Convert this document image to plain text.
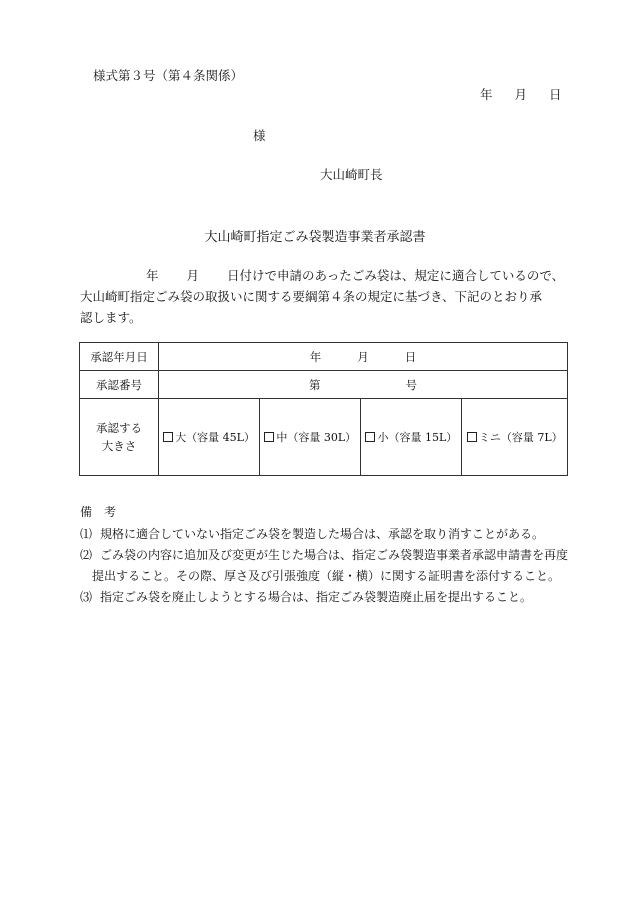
様式第３号（第４条関係）
年 月 日
様
大山崎町長
大山崎町指定ごみ袋製造事業者承認書
年 月 日付けで申請のあったごみ袋は、規定に適合しているので、
大山崎町指定ごみ袋の取扱いに関する要綱第４条の規定に基づき、下記のとおり承
認します。
承認年月日	年 月 日			
承認番号	第 号			

承認する
大きさ	大（容量 45L）	中（容量 30L）	小（容量 15L）	ミニ（容量 7L）
備　考
⑴ 規格に適合していない指定ごみ袋を製造した場合は、承認を取り消すことがある。
⑵ ごみ袋の内容に追加及び変更が生じた場合は、指定ごみ袋製造事業者承認申請書を再度
提出すること。その際、厚さ及び引張強度（縦・横）に関する証明書を添付すること。
⑶ 指定ごみ袋を廃止しようとする場合は、指定ごみ袋製造廃止届を提出すること。
